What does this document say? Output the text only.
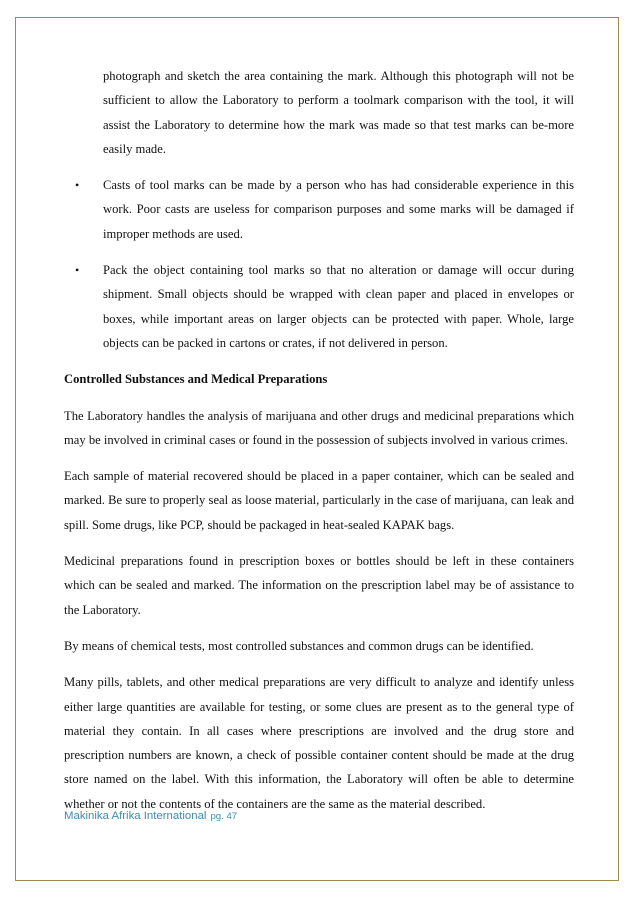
photograph and sketch the area containing the mark. Although this photograph will not be sufficient to allow the Laboratory to perform a toolmark comparison with the tool, it will assist the Laboratory to determine how the mark was made so that test marks can be-more easily made.

• Casts of tool marks can be made by a person who has had considerable experience in this work. Poor casts are useless for comparison purposes and some marks will be damaged if improper methods are used.
• Pack the object containing tool marks so that no alteration or damage will occur during shipment. Small objects should be wrapped with clean paper and placed in envelopes or boxes, while important areas on larger objects can be protected with paper. Whole, large objects can be packed in cartons or crates, if not delivered in person.

Controlled Substances and Medical Preparations

The Laboratory handles the analysis of marijuana and other drugs and medicinal preparations which may be involved in criminal cases or found in the possession of subjects involved in various crimes.

Each sample of material recovered should be placed in a paper container, which can be sealed and marked. Be sure to properly seal as loose material, particularly in the case of marijuana, can leak and spill. Some drugs, like PCP, should be packaged in heat-sealed KAPAK bags.

Medicinal preparations found in prescription boxes or bottles should be left in these containers which can be sealed and marked. The information on the prescription label may be of assistance to the Laboratory.

By means of chemical tests, most controlled substances and common drugs can be identified.

Many pills, tablets, and other medical preparations are very difficult to analyze and identify unless either large quantities are available for testing, or some clues are present as to the general type of material they contain. In all cases where prescriptions are involved and the drug store and prescription numbers are known, a check of possible container content should be made at the drug store named on the label. With this information, the Laboratory will often be able to determine whether or not the contents of the containers are the same as the material described.

Makinika Afrika International pg. 47
